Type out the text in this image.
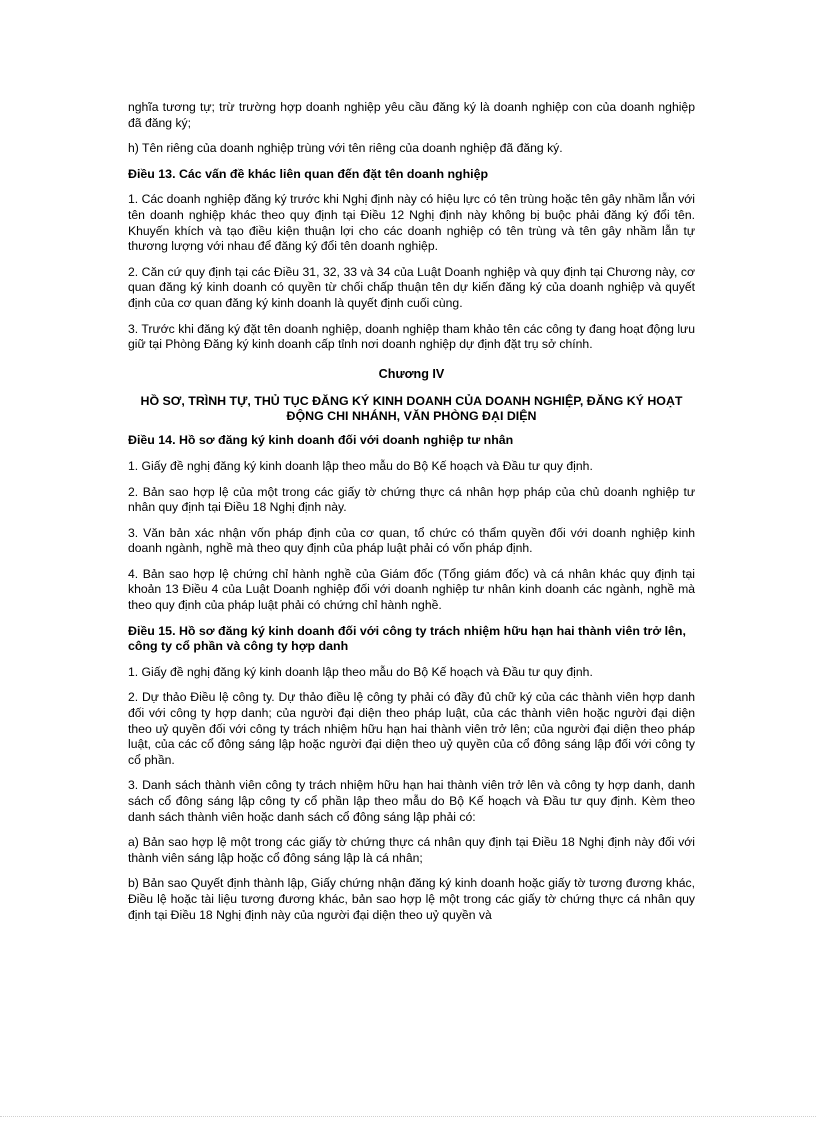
nghĩa tương tự; trừ trường hợp doanh nghiệp yêu cầu đăng ký là doanh nghiệp con của doanh nghiệp đã đăng ký;

h) Tên riêng của doanh nghiệp trùng với tên riêng của doanh nghiệp đã đăng ký.

Điều 13. Các vấn đề khác liên quan đến đặt tên doanh nghiệp

1. Các doanh nghiệp đăng ký trước khi Nghị định này có hiệu lực có tên trùng hoặc tên gây nhầm lẫn với tên doanh nghiệp khác theo quy định tại Điều 12 Nghị định này không bị buộc phải đăng ký đổi tên. Khuyến khích và tạo điều kiện thuận lợi cho các doanh nghiệp có tên trùng và tên gây nhầm lẫn tự thương lượng với nhau để đăng ký đổi tên doanh nghiệp.

2. Căn cứ quy định tại các Điều 31, 32, 33 và 34 của Luật Doanh nghiệp và quy định tại Chương này, cơ quan đăng ký kinh doanh có quyền từ chối chấp thuận tên dự kiến đăng ký của doanh nghiệp và quyết định của cơ quan đăng ký kinh doanh là quyết định cuối cùng.

3. Trước khi đăng ký đặt tên doanh nghiệp, doanh nghiệp tham khảo tên các công ty đang hoạt động lưu giữ tại Phòng Đăng ký kinh doanh cấp tỉnh nơi doanh nghiệp dự định đặt trụ sở chính.

Chương IV
HỒ SƠ, TRÌNH TỰ, THỦ TỤC ĐĂNG KÝ KINH DOANH CỦA DOANH NGHIỆP, ĐĂNG KÝ HOẠT ĐỘNG CHI NHÁNH, VĂN PHÒNG ĐẠI DIỆN
Điều 14. Hồ sơ đăng ký kinh doanh đối với doanh nghiệp tư nhân

1. Giấy đề nghị đăng ký kinh doanh lập theo mẫu do Bộ Kế hoạch và Đầu tư quy định.

2. Bản sao hợp lệ của một trong các giấy tờ chứng thực cá nhân hợp pháp của chủ doanh nghiệp tư nhân quy định tại Điều 18 Nghị định này.

3. Văn bản xác nhận vốn pháp định của cơ quan, tổ chức có thẩm quyền đối với doanh nghiệp kinh doanh ngành, nghề mà theo quy định của pháp luật phải có vốn pháp định.

4. Bản sao hợp lệ chứng chỉ hành nghề của Giám đốc (Tổng giám đốc) và cá nhân khác quy định tại khoản 13 Điều 4 của Luật Doanh nghiệp đối với doanh nghiệp tư nhân kinh doanh các ngành, nghề mà theo quy định của pháp luật phải có chứng chỉ hành nghề.

Điều 15. Hồ sơ đăng ký kinh doanh đối với công ty trách nhiệm hữu hạn hai thành viên trở lên, công ty cổ phần và công ty hợp danh

1. Giấy đề nghị đăng ký kinh doanh lập theo mẫu do Bộ Kế hoạch và Đầu tư quy định.

2. Dự thảo Điều lệ công ty. Dự thảo điều lệ công ty phải có đầy đủ chữ ký của các thành viên hợp danh đối với công ty hợp danh; của người đại diện theo pháp luật, của các thành viên hoặc người đại diện theo uỷ quyền đối với công ty trách nhiệm hữu hạn hai thành viên trở lên; của người đại diện theo pháp luật, của các cổ đông sáng lập hoặc người đại diện theo uỷ quyền của cổ đông sáng lập đối với công ty cổ phần.

3. Danh sách thành viên công ty trách nhiệm hữu hạn hai thành viên trở lên và công ty hợp danh, danh sách cổ đông sáng lập công ty cổ phần lập theo mẫu do Bộ Kế hoạch và Đầu tư quy định. Kèm theo danh sách thành viên hoặc danh sách cổ đông sáng lập phải có:

a) Bản sao hợp lệ một trong các giấy tờ chứng thực cá nhân quy định tại Điều 18 Nghị định này đối với thành viên sáng lập hoặc cổ đông sáng lập là cá nhân;

b) Bản sao Quyết định thành lập, Giấy chứng nhận đăng ký kinh doanh hoặc giấy tờ tương đương khác, Điều lệ hoặc tài liệu tương đương khác, bản sao hợp lệ một trong các giấy tờ chứng thực cá nhân quy định tại Điều 18 Nghị định này của người đại diện theo uỷ quyền và
